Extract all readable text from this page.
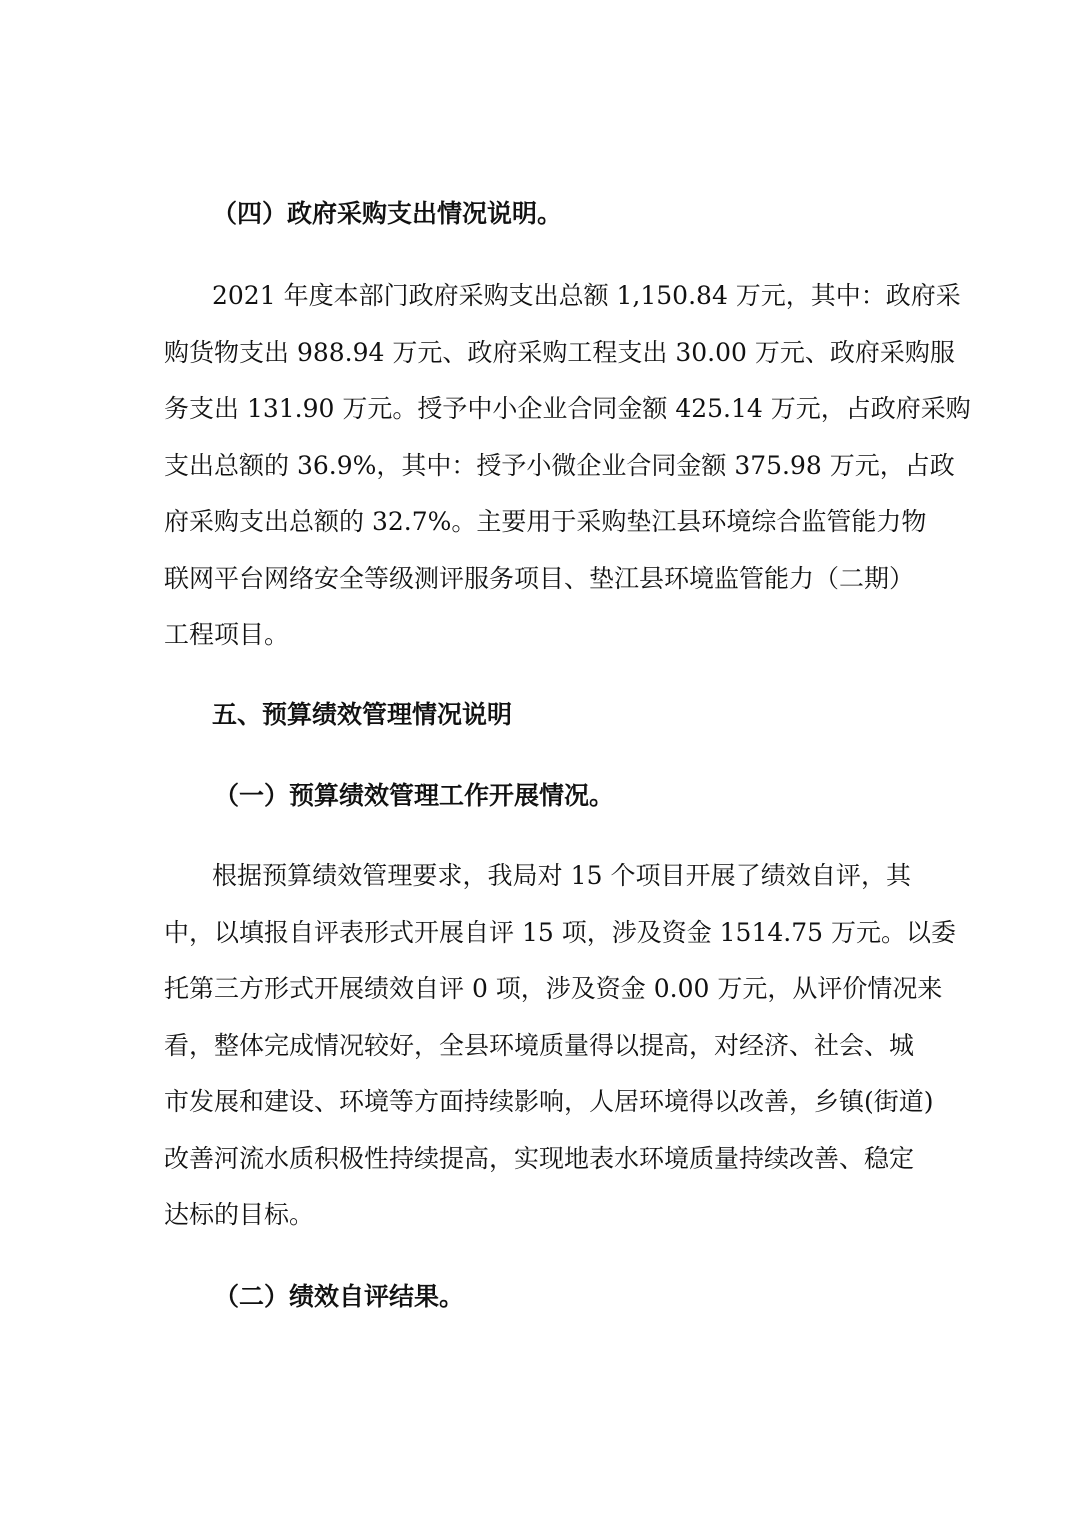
（四）政府采购支出情况说明。
2021 年度本部门政府采购支出总额 1,150.84 万元，其中：政府采
购货物支出 988.94 万元、政府采购工程支出 30.00 万元、政府采购服
务支出 131.90 万元。授予中小企业合同金额 425.14 万元，占政府采购
支出总额的 36.9%，其中：授予小微企业合同金额 375.98 万元，占政
府采购支出总额的 32.7%。主要用于采购垫江县环境综合监管能力物
联网平台网络安全等级测评服务项目、垫江县环境监管能力（二期）
工程项目。
五、预算绩效管理情况说明
（一）预算绩效管理工作开展情况。
根据预算绩效管理要求，我局对 15 个项目开展了绩效自评，其
中，以填报自评表形式开展自评 15 项，涉及资金 1514.75 万元。以委
托第三方形式开展绩效自评 0 项，涉及资金 0.00 万元，从评价情况来
看，整体完成情况较好，全县环境质量得以提高，对经济、社会、城
市发展和建设、环境等方面持续影响，人居环境得以改善，乡镇(街道)
改善河流水质积极性持续提高，实现地表水环境质量持续改善、稳定
达标的目标。
（二）绩效自评结果。
